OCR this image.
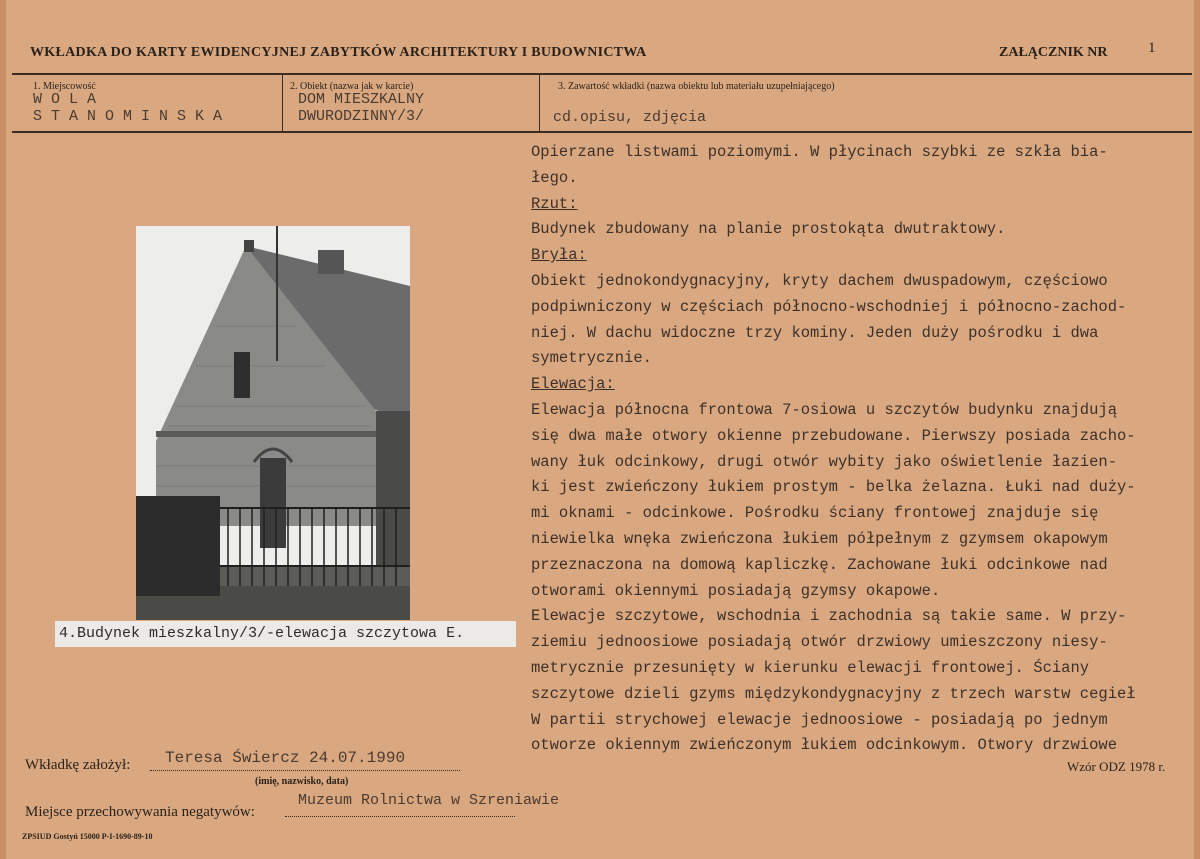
WKŁADKA DO KARTY EWIDENCYJNEJ ZABYTKÓW ARCHITEKTURY I BUDOWNICTWA	ZAŁĄCZNIK NR	1
1. Miejscowość
WOLA
STANOMINSKA
2. Obiekt (nazwa jak w karcie)
DOM MIESZKALNY
DWURODZINNY/3/
3. Zawartość wkładki (nazwa obiektu lub materiału uzupełniającego)
cd.opisu, zdjęcia
4.Budynek mieszkalny/3/-elewacja szczytowa E.
Opierzane listwami poziomymi. W płycinach szybki ze szkła bia-
łego.
Rzut:
Budynek zbudowany na planie prostokąta dwutraktowy.
Bryła:
Obiekt jednokondygnacyjny, kryty dachem dwuspadowym, częściowo
podpiwniczony w częściach północno-wschodniej i północno-zachod-
niej. W dachu widoczne trzy kominy. Jeden duży pośrodku i dwa
symetrycznie.
Elewacja:
Elewacja północna frontowa 7-osiowa u szczytów budynku znajdują
się dwa małe otwory okienne przebudowane. Pierwszy posiada zacho-
wany łuk odcinkowy, drugi otwór wybity jako oświetlenie łazien-
ki jest zwieńczony łukiem prostym - belka żelazna. Łuki nad duży-
mi oknami - odcinkowe. Pośrodku ściany frontowej znajduje się
niewielka wnęka zwieńczona łukiem półpełnym z gzymsem okapowym
przeznaczona na domową kapliczkę. Zachowane łuki odcinkowe nad
otworami okiennymi posiadają gzymsy okapowe.
Elewacje szczytowe, wschodnia i zachodnia są takie same. W przy-
ziemiu jednoosiowe posiadają otwór drzwiowy umieszczony niesy-
metrycznie przesunięty w kierunku elewacji frontowej. Ściany
szczytowe dzieli gzyms międzykondygnacyjny z trzech warstw cegieł
W partii strychowej elewacje jednoosiowe - posiadają po jednym
otworze okiennym zwieńczonym łukiem odcinkowym. Otwory drzwiowe
Wkładkę założył: Teresa Świercz 24.07.1990
(imię, nazwisko, data)
Miejsce przechowywania negatywów:
Muzeum Rolnictwa w Szreniawie
Wzór ODZ 1978 r.
ZPSIUD Gostyń 15000 P-I-1690-89-10
